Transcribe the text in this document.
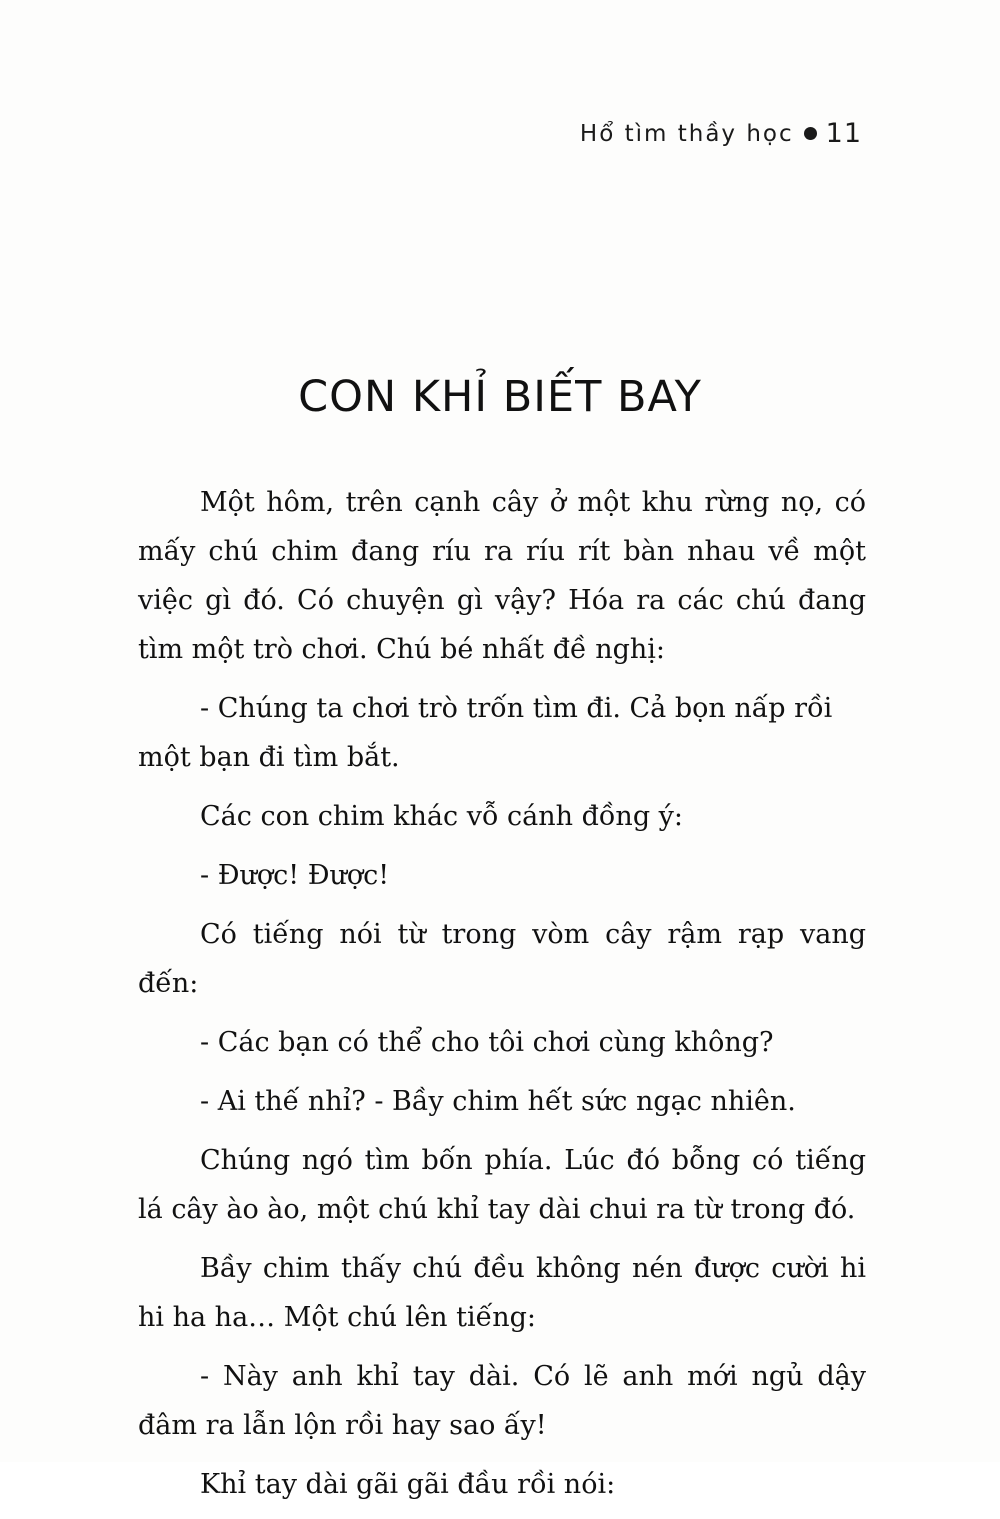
Hổ tìm thầy học 11
CON KHỈ BIẾT BAY

Một hôm, trên cạnh cây ở một khu rừng nọ, có mấy chú chim đang ríu ra ríu rít bàn nhau về một việc gì đó. Có chuyện gì vậy? Hóa ra các chú đang tìm một trò chơi. Chú bé nhất đề nghị:

- Chúng ta chơi trò trốn tìm đi. Cả bọn nấp rồi một bạn đi tìm bắt.

Các con chim khác vỗ cánh đồng ý:

- Được! Được!

Có tiếng nói từ trong vòm cây rậm rạp vang đến:

- Các bạn có thể cho tôi chơi cùng không?

- Ai thế nhỉ? - Bầy chim hết sức ngạc nhiên.

Chúng ngó tìm bốn phía. Lúc đó bỗng có tiếng lá cây ào ào, một chú khỉ tay dài chui ra từ trong đó.

Bầy chim thấy chú đều không nén được cười hi hi ha ha… Một chú lên tiếng:

- Này anh khỉ tay dài. Có lẽ anh mới ngủ dậy đâm ra lẫn lộn rồi hay sao ấy!

Khỉ tay dài gãi gãi đầu rồi nói:
